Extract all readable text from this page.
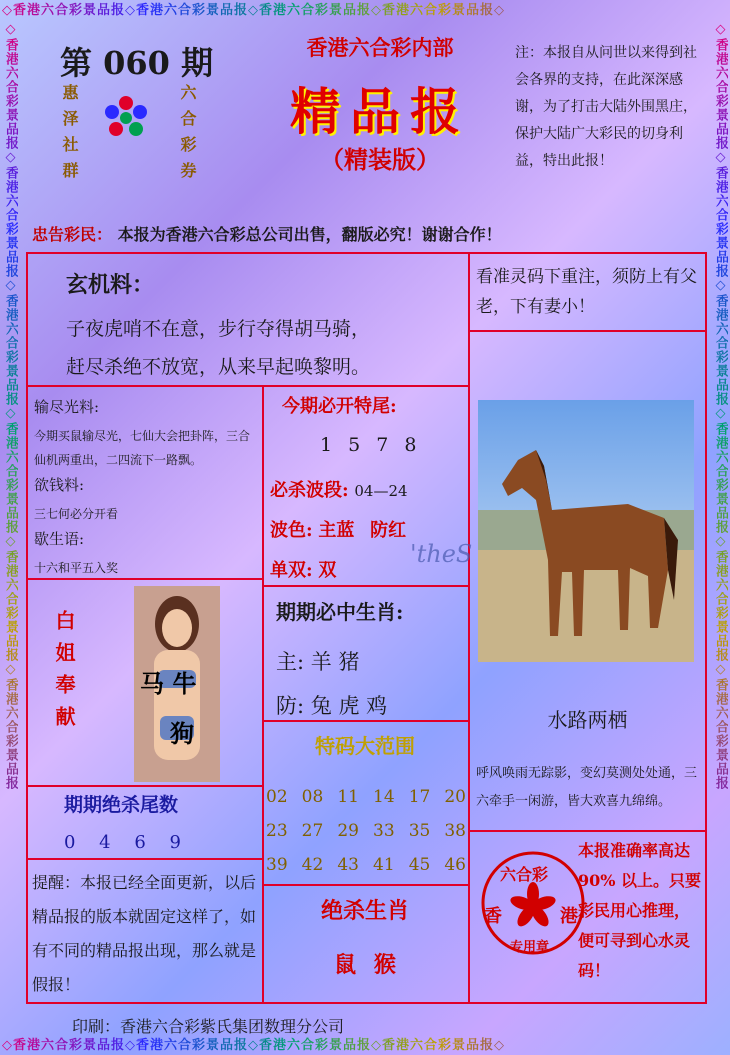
◇香港六合彩景品报◇香港六合彩景品报◇香港六合彩景品报◇香港六合彩景品报◇
◇香港六合彩景品报◇香港六合彩景品报◇香港六合彩景品报◇香港六合彩景品报◇
◇香港六合彩景品报◇香港六合彩景品报◇香港六合彩景品报◇香港六合彩景品报◇香港六合彩景品报◇香港六合彩景品报	◇香港六合彩景品报◇香港六合彩景品报◇香港六合彩景品报◇香港六合彩景品报◇香港六合彩景品报◇香港六合彩景品报
第 060 期
惠泽社群	六合彩券
香港六合彩内部
精品报
（精装版）
注：本报自从问世以来得到社会各界的支持，在此深深感谢，为了打击大陆外围黑庄，保护大陆广大彩民的切身利益，特出此报！
忠告彩民： 本报为香港六合彩总公司出售，翻版必究！谢谢合作！
玄机料：
子夜虎哨不在意，步行夺得胡马骑，
赶尽杀绝不放宽，从来早起唤黎明。
看准灵码下重注，须防上有父老，下有妻小！
输尽光料:
今期买鼠输尽光，七仙大会把卦阵，三合仙机两重出，二四流下一路飘。
欲钱料:
三七何必分开看
歇生语:
十六和平五入奖
白姐奉献	马 牛
狗
期期绝杀尾数
0 4 6 9
提醒：本报已经全面更新，以后精品报的版本就固定这样了，如有不同的精品报出现，那么就是假报！
今期必开特尾:
1 5 7 8
必杀波段: 04—24
波色: 主蓝 防红
单双: 双
'theS
期期必中生肖:
主: 羊 猪
防: 兔 虎 鸡
特码大范围
02 08 11 14 17 20
23 27 29 33 35 38
39 42 43 41 45 46
绝杀生肖
鼠 猴
水路两栖
呼风唤雨无踪影，变幻莫测处处通，三六牵手一闲游，皆大欢喜九绵绵。
六合彩
香	港
专用章
本报准确率高达 90% 以上。只要彩民用心推理，便可寻到心水灵码！
印刷：香港六合彩紫氏集团数理分公司
